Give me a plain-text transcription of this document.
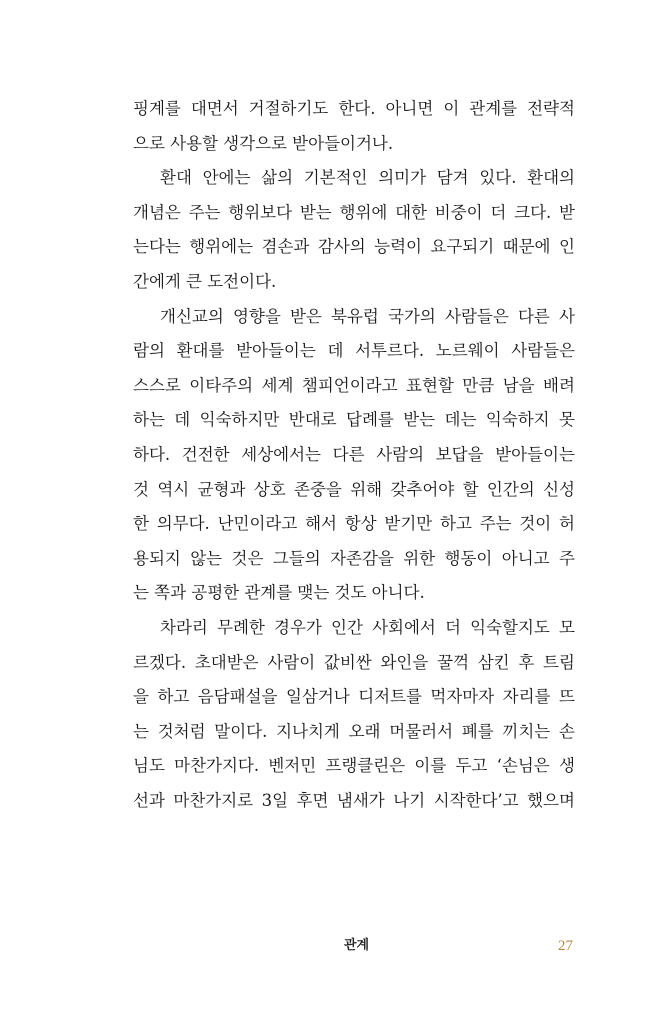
핑계를 대면서 거절하기도 한다. 아니면 이 관계를 전략적
으로 사용할 생각으로 받아들이거나.
환대 안에는 삶의 기본적인 의미가 담겨 있다. 환대의
개념은 주는 행위보다 받는 행위에 대한 비중이 더 크다. 받
는다는 행위에는 겸손과 감사의 능력이 요구되기 때문에 인
간에게 큰 도전이다.
개신교의 영향을 받은 북유럽 국가의 사람들은 다른 사
람의 환대를 받아들이는 데 서투르다. 노르웨이 사람들은
스스로 이타주의 세계 챔피언이라고 표현할 만큼 남을 배려
하는 데 익숙하지만 반대로 답례를 받는 데는 익숙하지 못
하다. 건전한 세상에서는 다른 사람의 보답을 받아들이는
것 역시 균형과 상호 존중을 위해 갖추어야 할 인간의 신성
한 의무다. 난민이라고 해서 항상 받기만 하고 주는 것이 허
용되지 않는 것은 그들의 자존감을 위한 행동이 아니고 주
는 쪽과 공평한 관계를 맺는 것도 아니다.
차라리 무례한 경우가 인간 사회에서 더 익숙할지도 모
르겠다. 초대받은 사람이 값비싼 와인을 꿀꺽 삼킨 후 트림
을 하고 음담패설을 일삼거나 디저트를 먹자마자 자리를 뜨
는 것처럼 말이다. 지나치게 오래 머물러서 폐를 끼치는 손
님도 마찬가지다. 벤저민 프랭클린은 이를 두고 ‘손님은 생
선과 마찬가지로 3일 후면 냄새가 나기 시작한다’고 했으며
관계	27
